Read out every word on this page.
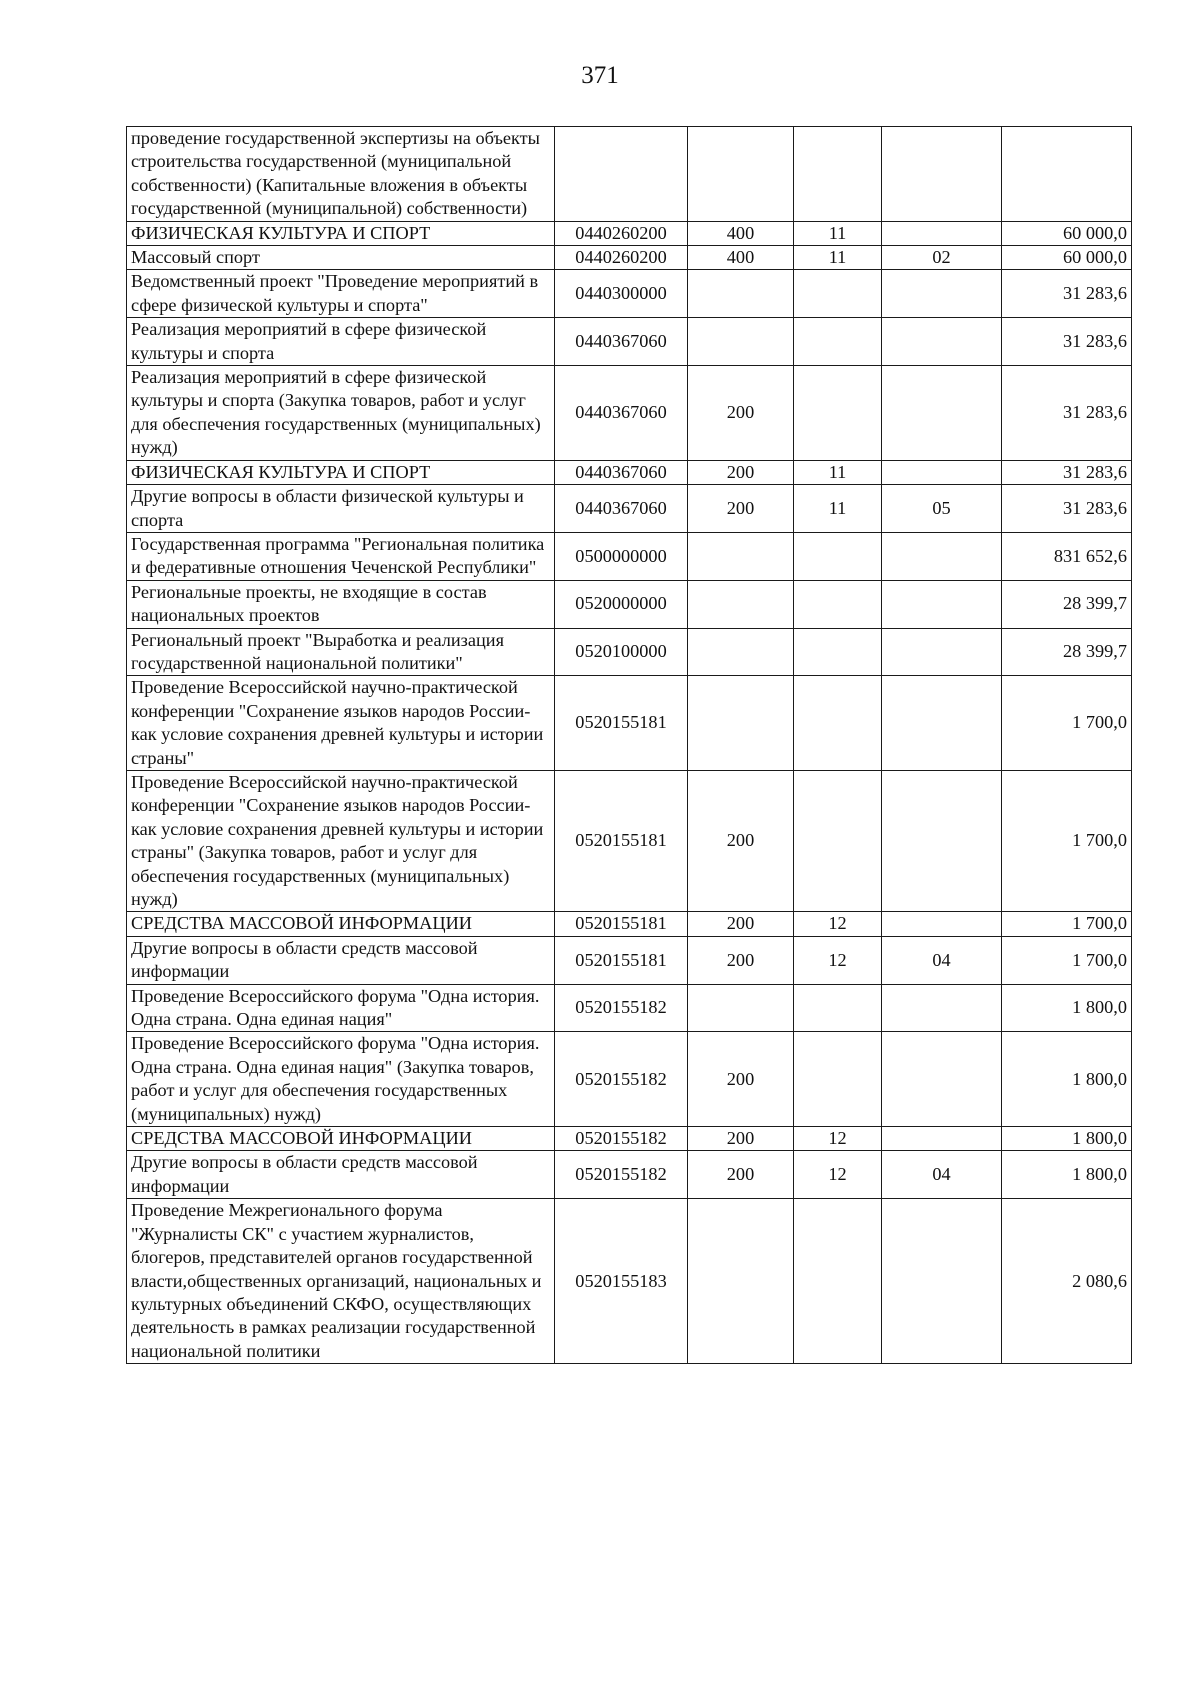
371
проведение государственной экспертизы на объекты строительства государственной (муниципальной собственности) (Капитальные вложения в объекты государственной (муниципальной) собственности)					
ФИЗИЧЕСКАЯ КУЛЬТУРА И СПОРТ	0440260200	400	11		60 000,0
Массовый спорт	0440260200	400	11	02	60 000,0
Ведомственный проект "Проведение мероприятий в сфере физической культуры и спорта"	0440300000				31 283,6
Реализация мероприятий в сфере физической культуры и спорта	0440367060				31 283,6
Реализация мероприятий в сфере физической культуры и спорта (Закупка товаров, работ и услуг для обеспечения государственных (муниципальных) нужд)	0440367060	200			31 283,6
ФИЗИЧЕСКАЯ КУЛЬТУРА И СПОРТ	0440367060	200	11		31 283,6
Другие вопросы в области физической культуры и спорта	0440367060	200	11	05	31 283,6
Государственная программа "Региональная политика и федеративные отношения Чеченской Республики"	0500000000				831 652,6
Региональные проекты, не входящие в состав национальных проектов	0520000000				28 399,7
Региональный проект "Выработка и реализация государственной национальной политики"	0520100000				28 399,7
Проведение Всероссийской научно-практической конференции "Сохранение языков народов России-как условие сохранения древней культуры и истории страны"	0520155181				1 700,0
Проведение Всероссийской научно-практической конференции "Сохранение языков народов России-как условие сохранения древней культуры и истории страны" (Закупка товаров, работ и услуг для обеспечения государственных (муниципальных) нужд)	0520155181	200			1 700,0
СРЕДСТВА МАССОВОЙ ИНФОРМАЦИИ	0520155181	200	12		1 700,0
Другие вопросы в области средств массовой информации	0520155181	200	12	04	1 700,0
Проведение Всероссийского форума "Одна история. Одна страна. Одна единая нация"	0520155182				1 800,0
Проведение Всероссийского форума "Одна история. Одна страна. Одна единая нация" (Закупка товаров, работ и услуг для обеспечения государственных (муниципальных) нужд)	0520155182	200			1 800,0
СРЕДСТВА МАССОВОЙ ИНФОРМАЦИИ	0520155182	200	12		1 800,0
Другие вопросы в области средств массовой информации	0520155182	200	12	04	1 800,0
Проведение Межрегионального форума "Журналисты СК" с участием журналистов, блогеров, представителей органов государственной власти,общественных организаций, национальных и культурных объединений СКФО, осуществляющих деятельность в рамках реализации государственной национальной политики	0520155183				2 080,6
